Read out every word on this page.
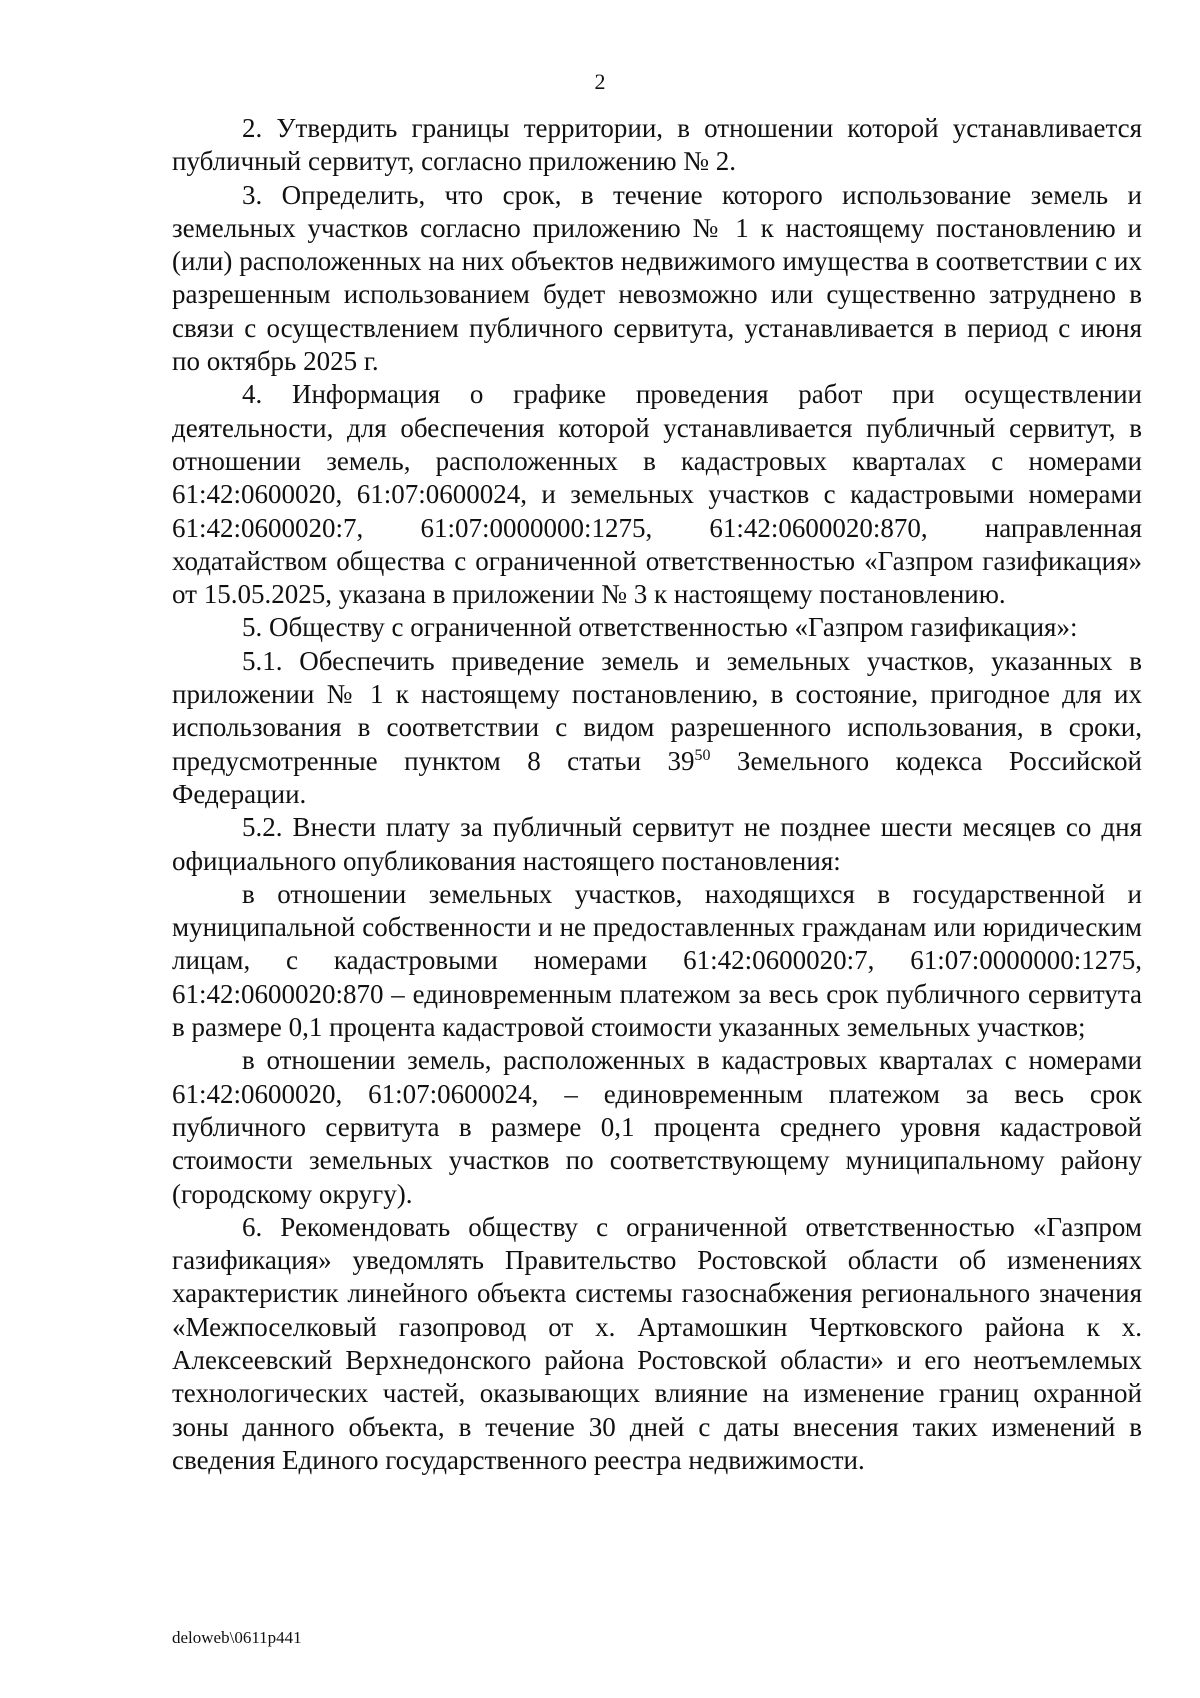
2

2. Утвердить границы территории, в отношении которой устанавливается публичный сервитут, согласно приложению № 2.

3. Определить, что срок, в течение которого использование земель и земельных участков согласно приложению № 1 к настоящему постановлению и (или) расположенных на них объектов недвижимого имущества в соответствии с их разрешенным использованием будет невозможно или существенно затруднено в связи с осуществлением публичного сервитута, устанавливается в период с июня по октябрь 2025 г.

4. Информация о графике проведения работ при осуществлении деятельности, для обеспечения которой устанавливается публичный сервитут, в отношении земель, расположенных в кадастровых кварталах с номерами 61:42:0600020, 61:07:0600024, и земельных участков с кадастровыми номерами 61:42:0600020:7, 61:07:0000000:1275, 61:42:0600020:870, направленная ходатайством общества с ограниченной ответственностью «Газпром газификация» от 15.05.2025, указана в приложении № 3 к настоящему постановлению.

5. Обществу с ограниченной ответственностью «Газпром газификация»:

5.1. Обеспечить приведение земель и земельных участков, указанных в приложении № 1 к настоящему постановлению, в состояние, пригодное для их использования в соответствии с видом разрешенного использования, в сроки, предусмотренные пунктом 8 статьи $39^{50}$ Земельного кодекса Российской Федерации.

5.2. Внести плату за публичный сервитут не позднее шести месяцев со дня официального опубликования настоящего постановления:

в отношении земельных участков, находящихся в государственной и муниципальной собственности и не предоставленных гражданам или юридическим лицам, с кадастровыми номерами 61:42:0600020:7, 61:07:0000000:1275, 61:42:0600020:870 – единовременным платежом за весь срок публичного сервитута в размере 0,1 процента кадастровой стоимости указанных земельных участков;

в отношении земель, расположенных в кадастровых кварталах с номерами 61:42:0600020, 61:07:0600024, – единовременным платежом за весь срок публичного сервитута в размере 0,1 процента среднего уровня кадастровой стоимости земельных участков по соответствующему муниципальному району (городскому округу).

6. Рекомендовать обществу с ограниченной ответственностью «Газпром газификация» уведомлять Правительство Ростовской области об изменениях характеристик линейного объекта системы газоснабжения регионального значения «Межпоселковый газопровод от х. Артамошкин Чертковского района к х. Алексеевский Верхнедонского района Ростовской области» и его неотъемлемых технологических частей, оказывающих влияние на изменение границ охранной зоны данного объекта, в течение 30 дней с даты внесения таких изменений в сведения Единого государственного реестра недвижимости.

deloweb\0611p441
